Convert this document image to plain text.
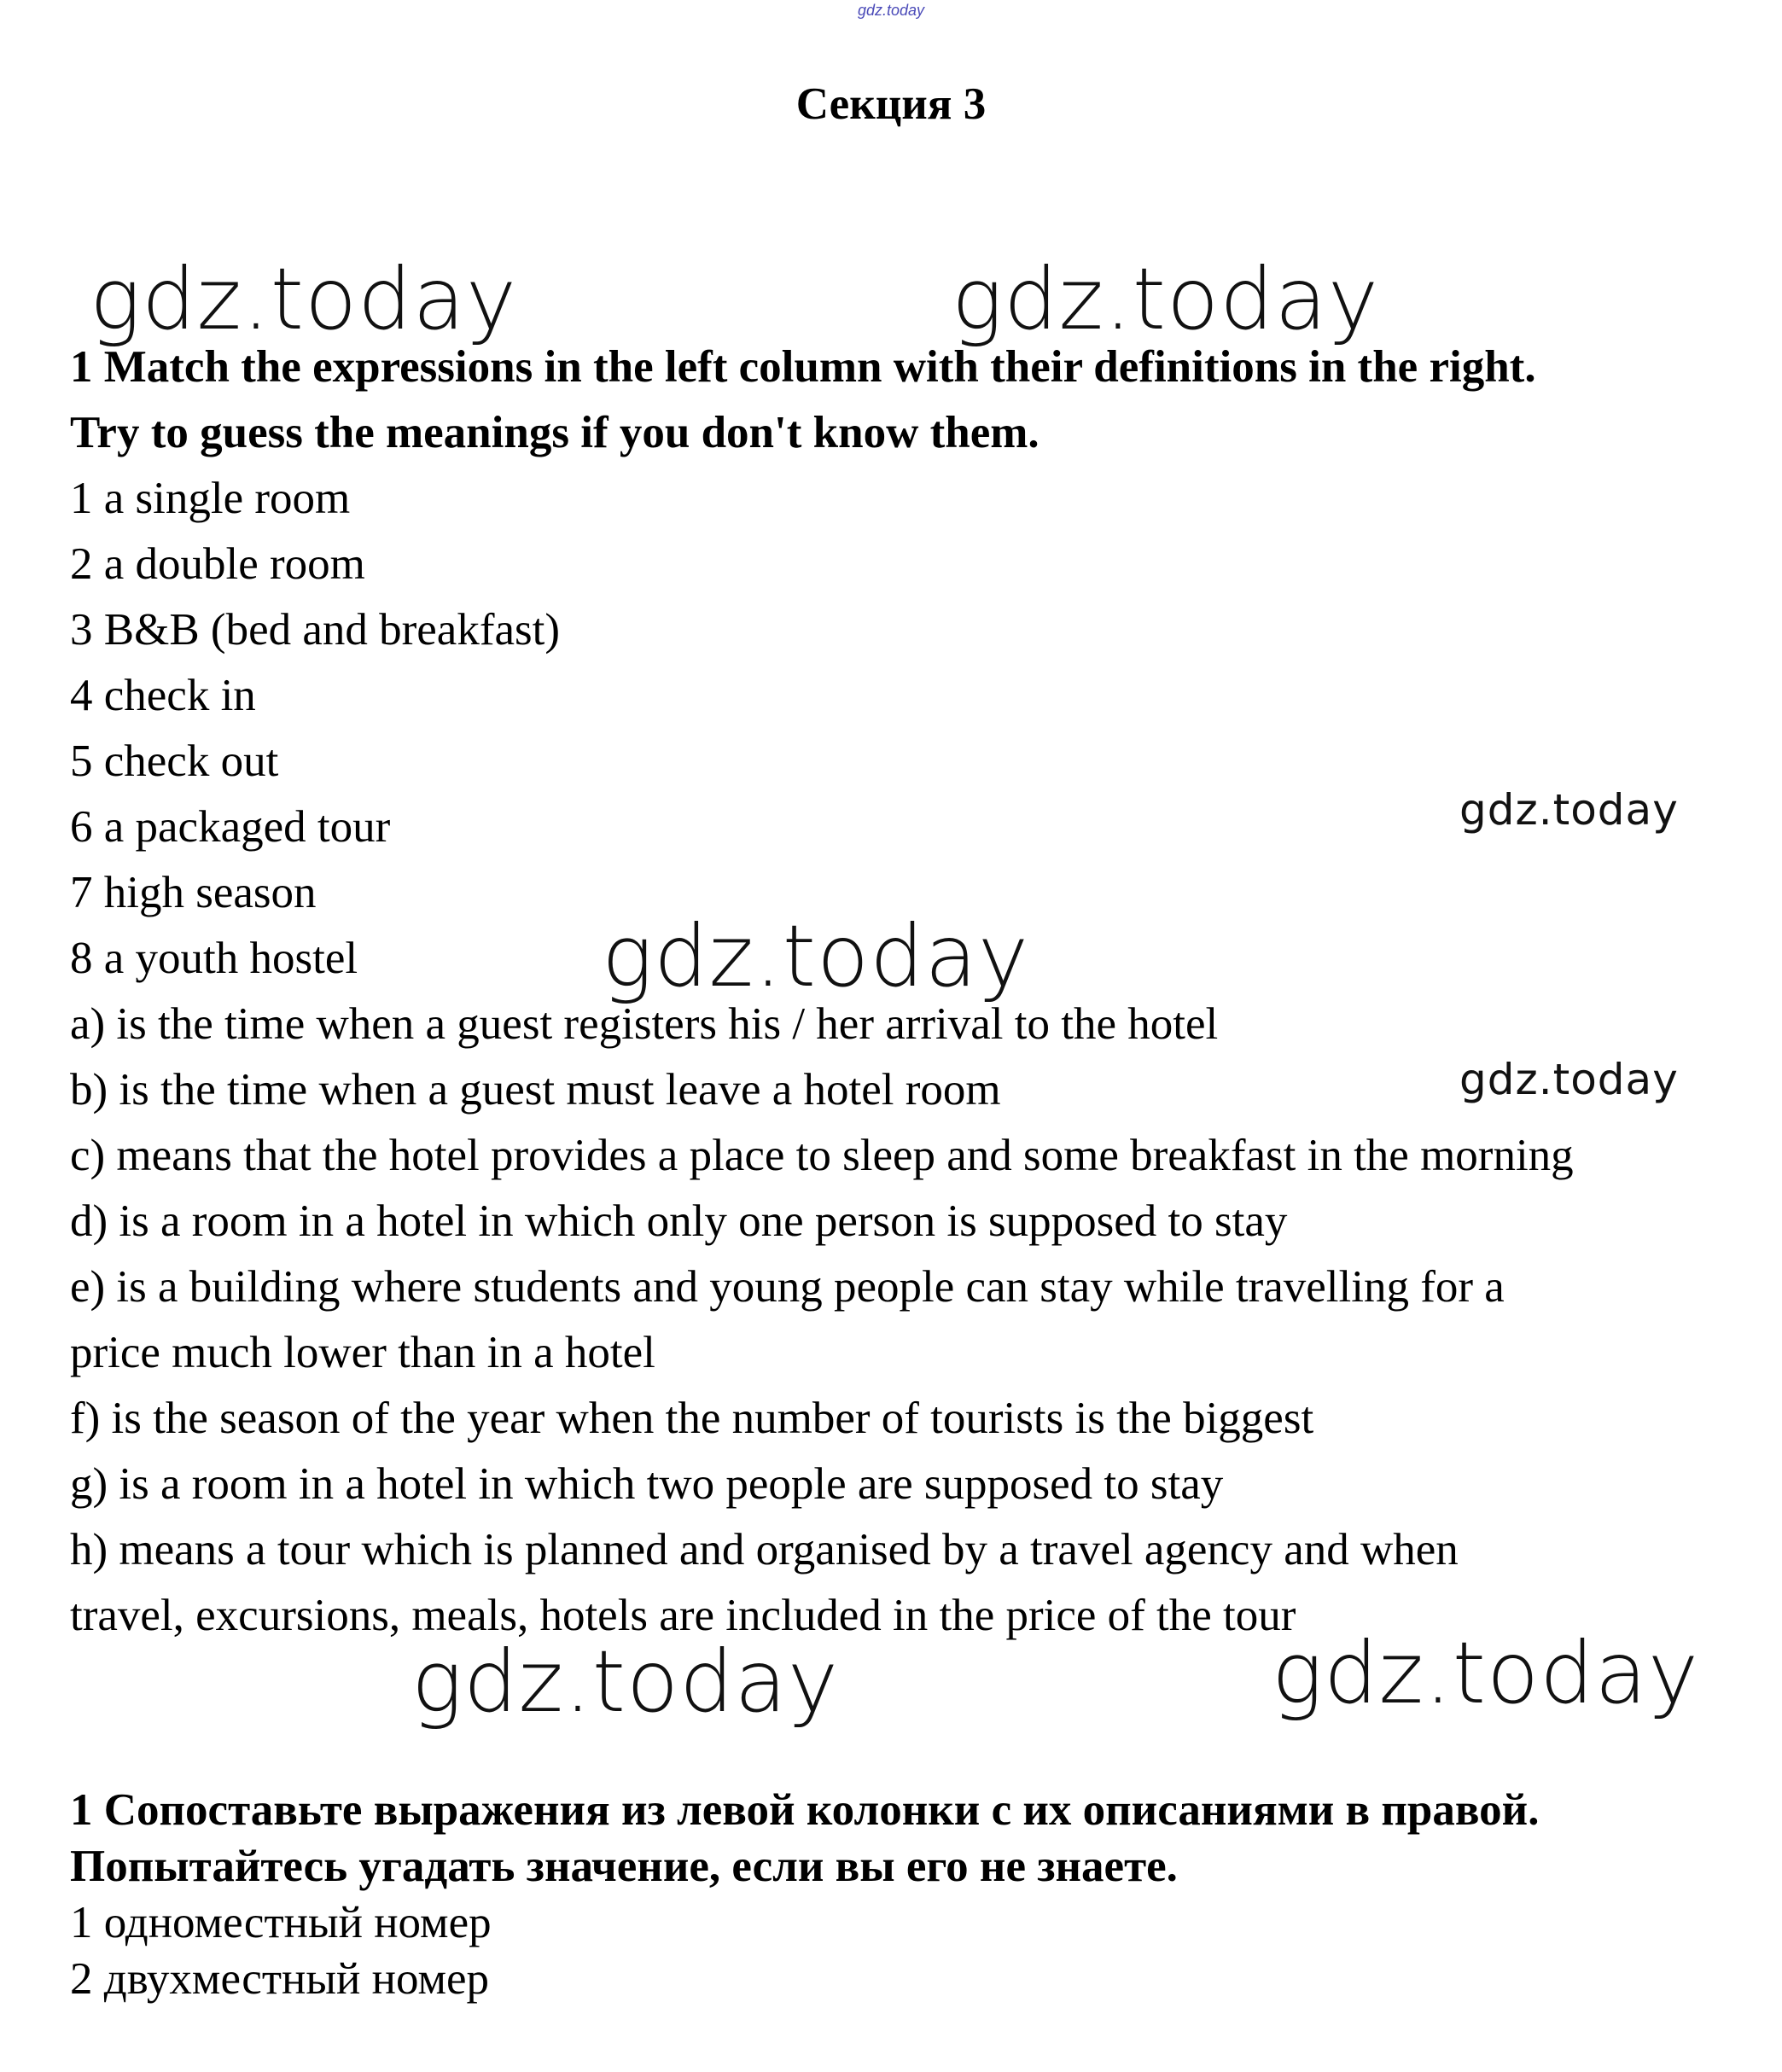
gdz.today
Секция 3
gdz.today	gdz.today
gdz.today
gdz.today
gdz.today
gdz.today	gdz.today
1 Match the expressions in the left column with their definitions in the right.
Try to guess the meanings if you don't know them.
1 a single room
2 a double room
3 B&B (bed and breakfast)
4 check in
5 check out
6 a packaged tour
7 high season
8 a youth hostel
a) is the time when a guest registers his / her arrival to the hotel
b) is the time when a guest must leave a hotel room
c) means that the hotel provides a place to sleep and some breakfast in the morning
d) is a room in a hotel in which only one person is supposed to stay
e) is a building where students and young people can stay while travelling for a
price much lower than in a hotel
f) is the season of the year when the number of tourists is the biggest
g) is a room in a hotel in which two people are supposed to stay
h) means a tour which is planned and organised by a travel agency and when
travel, excursions, meals, hotels are included in the price of the tour
1 Сопоставьте выражения из левой колонки с их описаниями в правой.
Попытайтесь угадать значение, если вы его не знаете.
1 одноместный номер
2 двухместный номер
